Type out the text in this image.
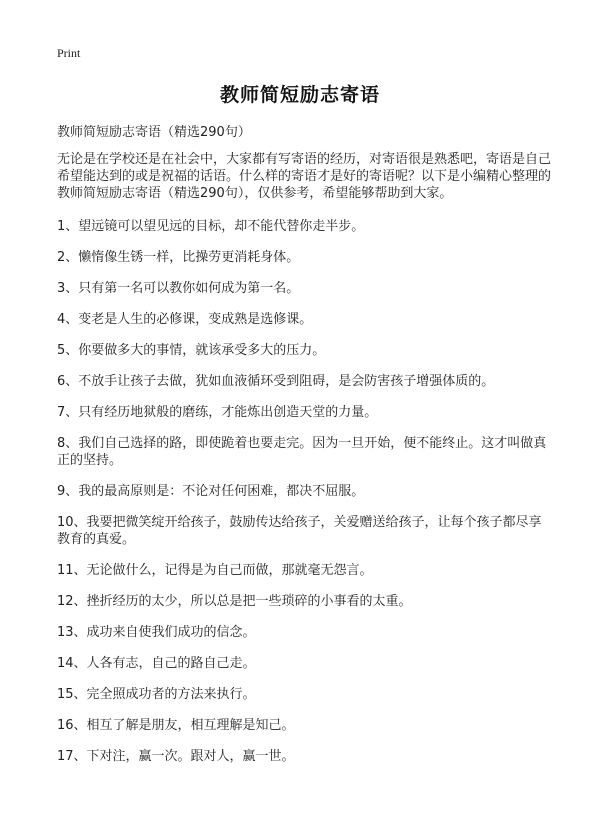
Print
教师简短励志寄语

教师简短励志寄语（精选290句）

无论是在学校还是在社会中，大家都有写寄语的经历，对寄语很是熟悉吧，寄语是自己希望能达到的或是祝福的话语。什么样的寄语才是好的寄语呢？以下是小编精心整理的教师简短励志寄语（精选290句），仅供参考，希望能够帮助到大家。

1、望远镜可以望见远的目标，却不能代替你走半步。

2、懒惰像生锈一样，比操劳更消耗身体。

3、只有第一名可以教你如何成为第一名。

4、变老是人生的必修课，变成熟是选修课。

5、你要做多大的事情，就该承受多大的压力。

6、不放手让孩子去做，犹如血液循环受到阻碍，是会防害孩子增强体质的。

7、只有经历地狱般的磨练，才能炼出创造天堂的力量。

8、我们自己选择的路，即使跪着也要走完。因为一旦开始，便不能终止。这才叫做真正的坚持。

9、我的最高原则是：不论对任何困难，都决不屈服。

10、我要把微笑绽开给孩子，鼓励传达给孩子，关爱赠送给孩子，让每个孩子都尽享教育的真爱。

11、无论做什么，记得是为自己而做，那就毫无怨言。

12、挫折经历的太少，所以总是把一些琐碎的小事看的太重。

13、成功来自使我们成功的信念。

14、人各有志，自己的路自己走。

15、完全照成功者的方法来执行。

16、相互了解是朋友，相互理解是知己。

17、下对注，赢一次。跟对人，赢一世。
